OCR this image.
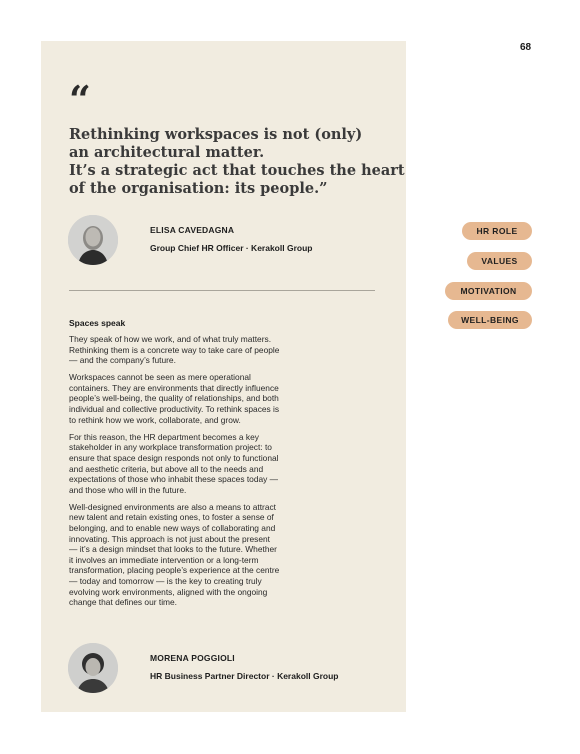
68
“

Rethinking workspaces is not (only)
an architectural matter.
It’s a strategic act that touches the heart
of the organisation: its people.”

ELISA CAVEDAGNA
Group Chief HR Officer · Kerakoll Group
Spaces speak

They speak of how we work, and of what truly matters.
Rethinking them is a concrete way to take care of people
— and the company’s future.

Workspaces cannot be seen as mere operational
containers. They are environments that directly influence
people’s well-being, the quality of relationships, and both
individual and collective productivity. To rethink spaces is
to rethink how we work, collaborate, and grow.

For this reason, the HR department becomes a key
stakeholder in any workplace transformation project: to
ensure that space design responds not only to functional
and aesthetic criteria, but above all to the needs and
expectations of those who inhabit these spaces today —
and those who will in the future.

Well-designed environments are also a means to attract
new talent and retain existing ones, to foster a sense of
belonging, and to enable new ways of collaborating and
innovating. This approach is not just about the present
— it’s a design mindset that looks to the future. Whether
it involves an immediate intervention or a long-term
transformation, placing people’s experience at the centre
— today and tomorrow — is the key to creating truly
evolving work environments, aligned with the ongoing
change that defines our time.

MORENA POGGIOLI
HR Business Partner Director · Kerakoll Group
HR ROLE
VALUES
MOTIVATION
WELL-BEING
